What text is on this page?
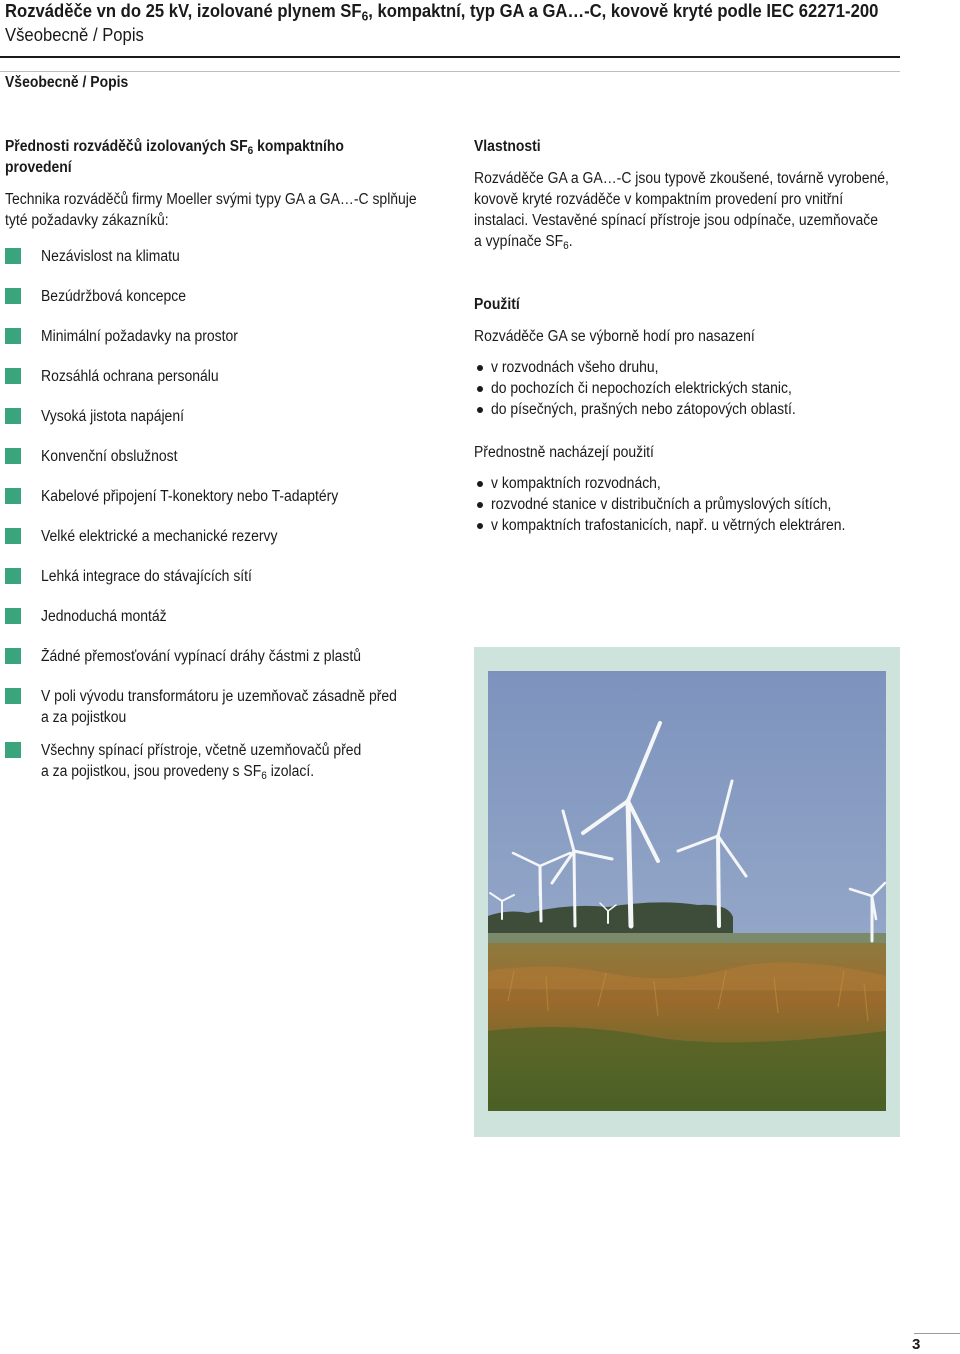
Rozváděče vn do 25 kV, izolované plynem $SF_6$, kompaktní, typ GA a GA…-C, kovově kryté podle IEC 62271-200
Všeobecně / Popis
Všeobecně / Popis
Přednosti rozváděčů izolovaných $SF_6$ kompaktního
provedení
Technika rozváděčů firmy Moeller svými typy GA a GA…-C splňuje
tyté požadavky zákazníků:
Nezávislost na klimatu
Bezúdržbová koncepce
Minimální požadavky na prostor
Rozsáhlá ochrana personálu
Vysoká jistota napájení
Konvenční obslužnost
Kabelové připojení T-konektory nebo T-adaptéry
Velké elektrické a mechanické rezervy
Lehká integrace do stávajících sítí
Jednoduchá montáž
Žádné přemosťování vypínací dráhy částmi z plastů
V poli vývodu transformátoru je uzemňovač zásadně před
a za pojistkou
Všechny spínací přístroje, včetně uzemňovačů před
a za pojistkou, jsou provedeny s $SF_6$ izolací.
Vlastnosti
Rozváděče GA a GA…-C jsou typově zkoušené, továrně vyrobené,
kovově kryté rozváděče v kompaktním provedení pro vnitřní
instalaci. Vestavěné spínací přístroje jsou odpínače, uzemňovače
a vypínače $SF_6$.
Použití
Rozváděče GA se výborně hodí pro nasazení
v rozvodnách všeho druhu,
do pochozích či nepochozích elektrických stanic,
do písečných, prašných nebo zátopových oblastí.
Přednostně nacházejí použití
v kompaktních rozvodnách,
rozvodné stanice v distribučních a průmyslových sítích,
v kompaktních trafostanicích, např. u větrných elektráren.
3
